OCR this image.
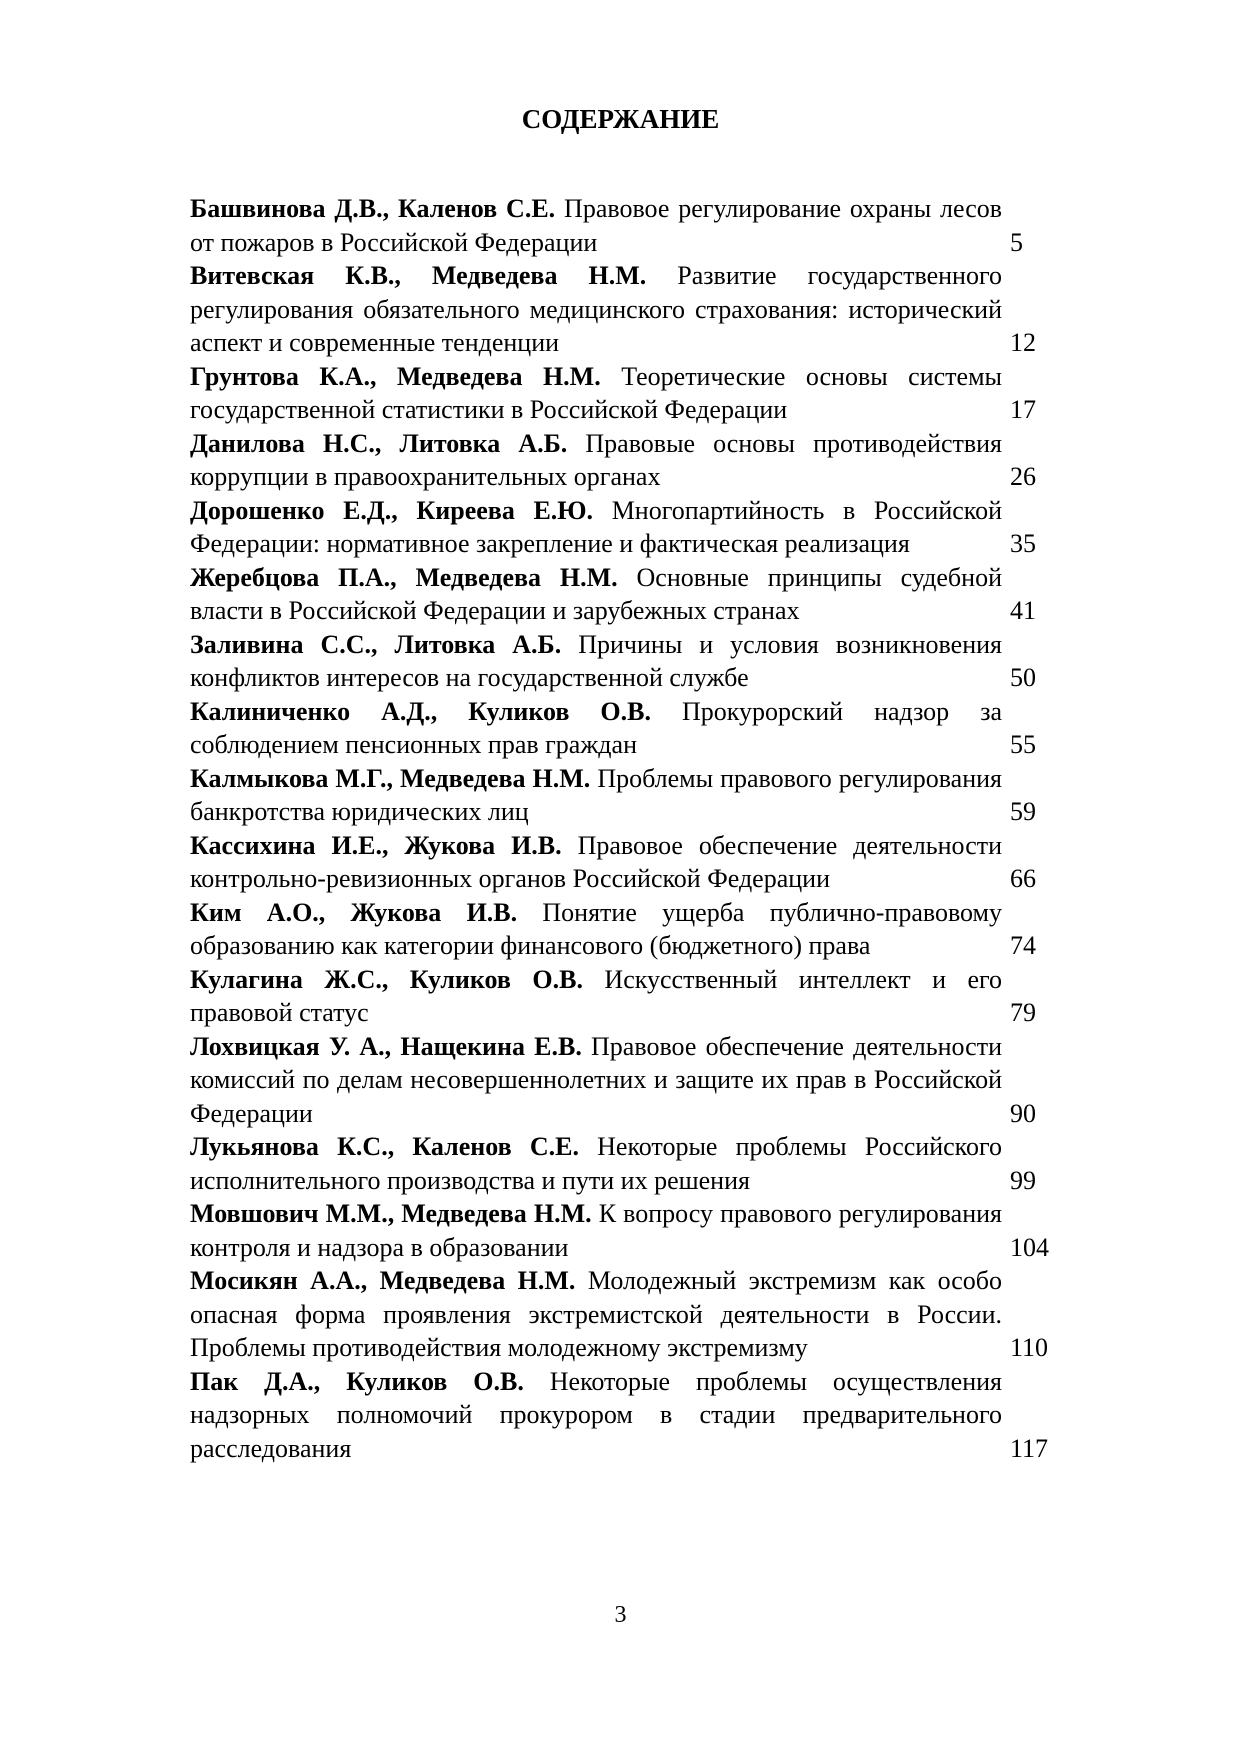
СОДЕРЖАНИЕ

Башвинова Д.В., Каленов С.Е. Правовое регулирование охраны лесов от пожаров в Российской Федерации	5

Витевская К.В., Медведева Н.М. Развитие государственного регулирования обязательного медицинского страхования: исторический аспект и современные тенденции	12

Грунтова К.А., Медведева Н.М. Теоретические основы системы государственной статистики в Российской Федерации	17

Данилова Н.С., Литовка А.Б. Правовые основы противодействия коррупции в правоохранительных органах	26

Дорошенко Е.Д., Киреева Е.Ю. Многопартийность в Российской Федерации: нормативное закрепление и фактическая реализация	35

Жеребцова П.А., Медведева Н.М. Основные принципы судебной власти в Российской Федерации и зарубежных странах	41

Заливина С.С., Литовка А.Б. Причины и условия возникновения конфликтов интересов на государственной службе	50

Калиниченко А.Д., Куликов О.В. Прокурорский надзор за соблюдением пенсионных прав граждан	55

Калмыкова М.Г., Медведева Н.М. Проблемы правового регулирования банкротства юридических лиц	59

Кассихина И.Е., Жукова И.В. Правовое обеспечение деятельности контрольно-ревизионных органов Российской Федерации	66

Ким А.О., Жукова И.В. Понятие ущерба публично-правовому образованию как категории финансового (бюджетного) права	74

Кулагина Ж.С., Куликов О.В. Искусственный интеллект и его правовой статус	79

Лохвицкая У. А., Нащекина Е.В. Правовое обеспечение деятельности комиссий по делам несовершеннолетних и защите их прав в Российской Федерации	90

Лукьянова К.С., Каленов С.Е. Некоторые проблемы Российского исполнительного производства и пути их решения	99

Мовшович М.М., Медведева Н.М. К вопросу правового регулирования контроля и надзора в образовании	104

Мосикян А.А., Медведева Н.М. Молодежный экстремизм как особо опасная форма проявления экстремистской деятельности в России. Проблемы противодействия молодежному экстремизму	110

Пак Д.А., Куликов О.В. Некоторые проблемы осуществления надзорных полномочий прокурором в стадии предварительного расследования	117
3
